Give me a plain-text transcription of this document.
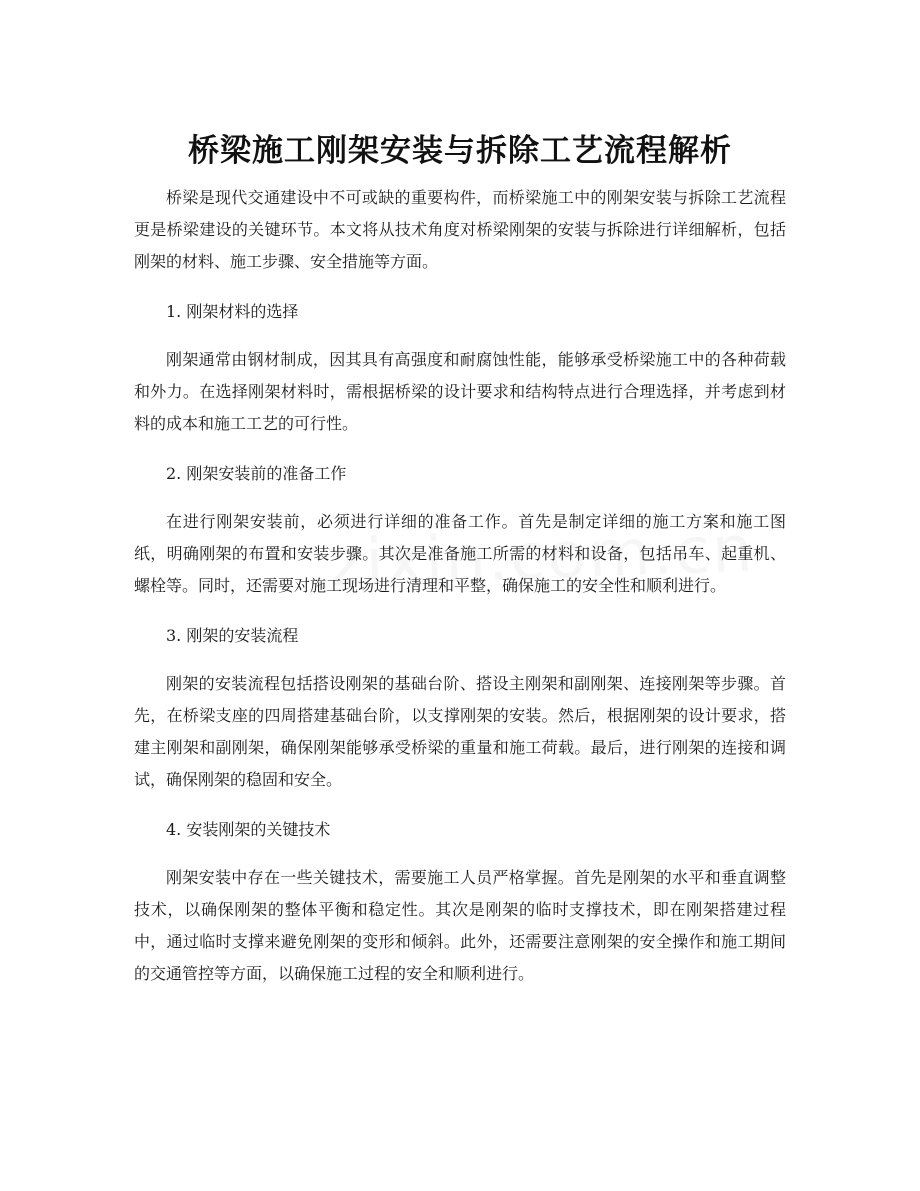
桥梁施工刚架安装与拆除工艺流程解析

桥梁是现代交通建设中不可或缺的重要构件，而桥梁施工中的刚架安装与拆除工艺流程更是桥梁建设的关键环节。本文将从技术角度对桥梁刚架的安装与拆除进行详细解析，包括刚架的材料、施工步骤、安全措施等方面。

1. 刚架材料的选择

刚架通常由钢材制成，因其具有高强度和耐腐蚀性能，能够承受桥梁施工中的各种荷载和外力。在选择刚架材料时，需根据桥梁的设计要求和结构特点进行合理选择，并考虑到材料的成本和施工工艺的可行性。

2. 刚架安装前的准备工作

在进行刚架安装前，必须进行详细的准备工作。首先是制定详细的施工方案和施工图纸，明确刚架的布置和安装步骤。其次是准备施工所需的材料和设备，包括吊车、起重机、螺栓等。同时，还需要对施工现场进行清理和平整，确保施工的安全性和顺利进行。

3. 刚架的安装流程

刚架的安装流程包括搭设刚架的基础台阶、搭设主刚架和副刚架、连接刚架等步骤。首先，在桥梁支座的四周搭建基础台阶，以支撑刚架的安装。然后，根据刚架的设计要求，搭建主刚架和副刚架，确保刚架能够承受桥梁的重量和施工荷载。最后，进行刚架的连接和调试，确保刚架的稳固和安全。

4. 安装刚架的关键技术

刚架安装中存在一些关键技术，需要施工人员严格掌握。首先是刚架的水平和垂直调整技术，以确保刚架的整体平衡和稳定性。其次是刚架的临时支撑技术，即在刚架搭建过程中，通过临时支撑来避免刚架的变形和倾斜。此外，还需要注意刚架的安全操作和施工期间的交通管控等方面，以确保施工过程的安全和顺利进行。
